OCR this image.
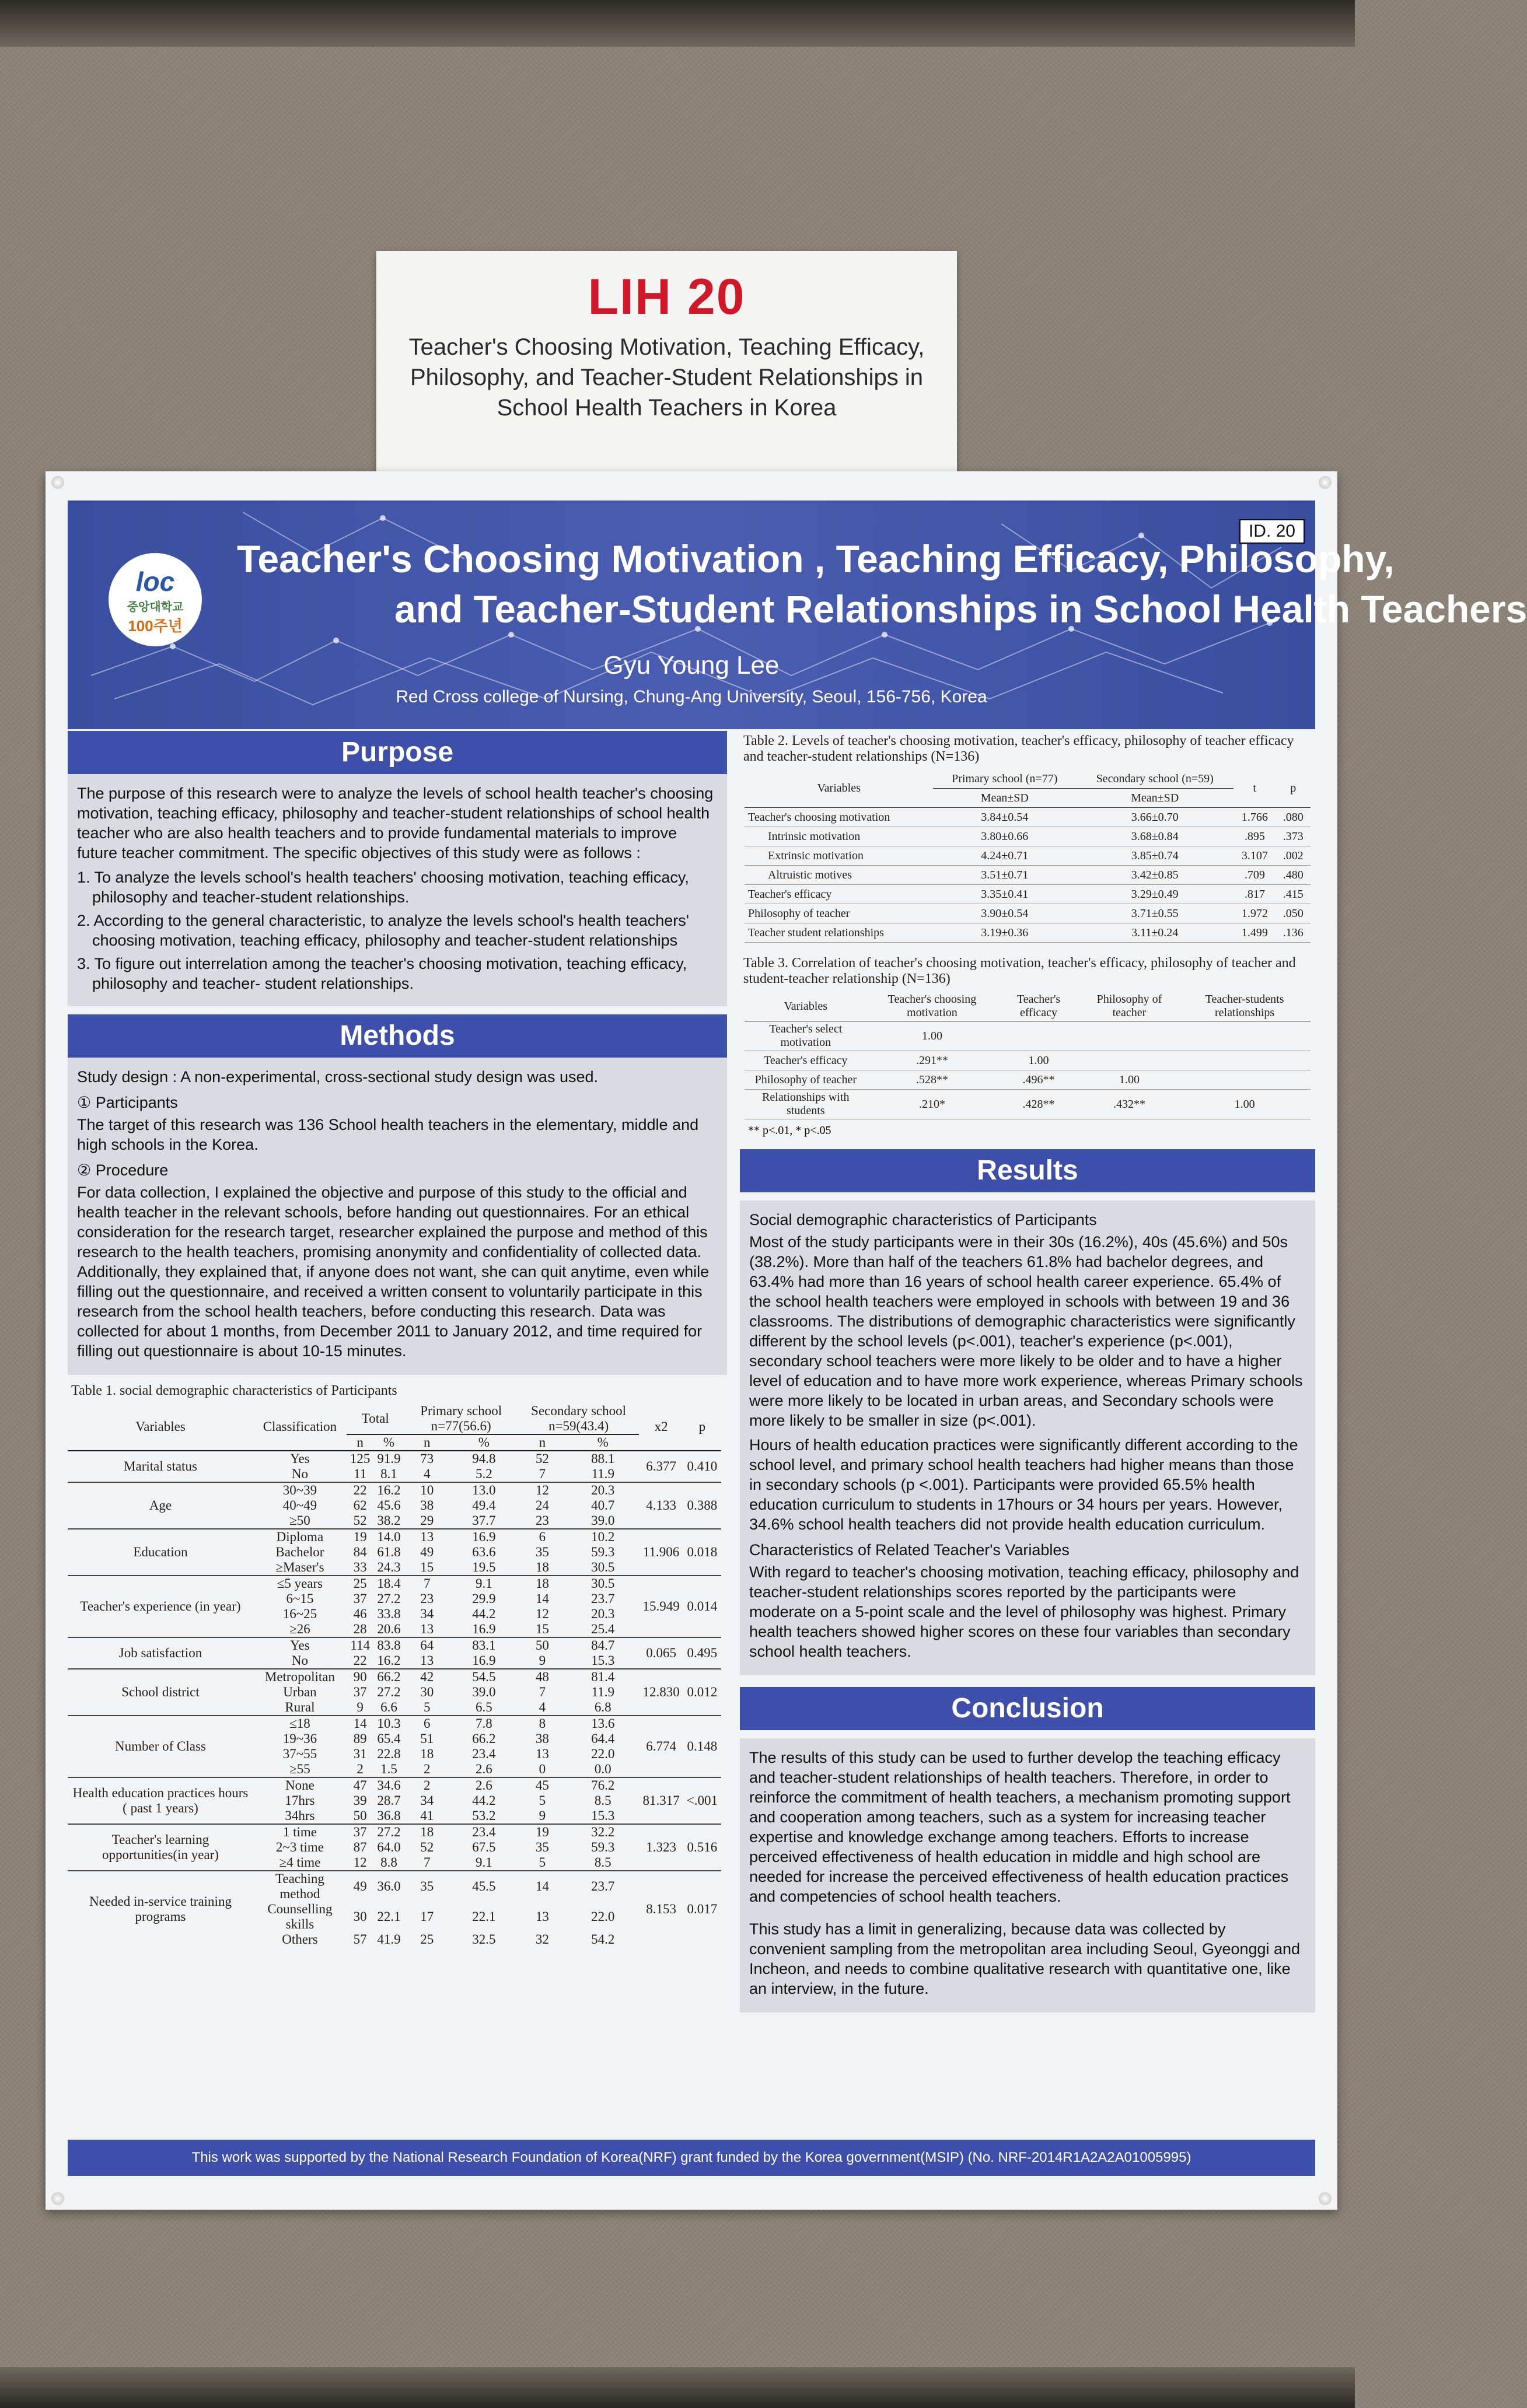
LIH 20
Teacher's Choosing Motivation, Teaching Efficacy, Philosophy, and Teacher-Student Relationships in School Health Teachers in Korea
loc
중앙대학교
100주년
ID. 20
Teacher's Choosing Motivation , Teaching Efficacy, Philosophy,
and Teacher-Student Relationships in School Health Teachers
Gyu Young Lee
Red Cross college of Nursing, Chung-Ang University, Seoul, 156-756, Korea
Purpose

The purpose of this research were to analyze the levels of school health teacher's choosing motivation, teaching efficacy, philosophy and teacher-student relationships of school health teacher who are also health teachers and to provide fundamental materials to improve future teacher commitment. The specific objectives of this study were as follows :

1. To analyze the levels school's health teachers' choosing motivation, teaching efficacy, philosophy and teacher-student relationships.
2. According to the general characteristic, to analyze the levels school's health teachers' choosing motivation, teaching efficacy, philosophy and teacher-student relationships
3. To figure out interrelation among the teacher's choosing motivation, teaching efficacy, philosophy and teacher- student relationships.
Methods

Study design : A non-experimental, cross-sectional study design was used.

① Participants

The target of this research was 136 School health teachers in the elementary, middle and high schools in the Korea.

② Procedure

For data collection, I explained the objective and purpose of this study to the official and health teacher in the relevant schools, before handing out questionnaires. For an ethical consideration for the research target, researcher explained the purpose and method of this research to the health teachers, promising anonymity and confidentiality of collected data. Additionally, they explained that, if anyone does not want, she can quit anytime, even while filling out the questionnaire, and received a written consent to voluntarily participate in this research from the school health teachers, before conducting this research. Data was collected for about 1 months, from December 2011 to January 2012, and time required for filling out questionnaire is about 10-15 minutes.

Table 1. social demographic characteristics of Participants
Variables	Classification	Total		Primary school n=77(56.6)		Secondary school n=59(43.4)		x2	p
		n	%	n	%	n	%		
Marital status	Yes	125	91.9	73	94.8	52	88.1	6.377	0.410
	No	11	8.1	4	5.2	7	11.9		
Age	30~39	22	16.2	10	13.0	12	20.3	4.133	0.388
	40~49	62	45.6	38	49.4	24	40.7		
	≥50	52	38.2	29	37.7	23	39.0		
Education	Diploma	19	14.0	13	16.9	6	10.2	11.906	0.018
	Bachelor	84	61.8	49	63.6	35	59.3		
	≥Maser's	33	24.3	15	19.5	18	30.5		
Teacher's experience (in year)	≤5 years	25	18.4	7	9.1	18	30.5	15.949	0.014
	6~15	37	27.2	23	29.9	14	23.7		
	16~25	46	33.8	34	44.2	12	20.3		
	≥26	28	20.6	13	16.9	15	25.4		
Job satisfaction	Yes	114	83.8	64	83.1	50	84.7	0.065	0.495
	No	22	16.2	13	16.9	9	15.3		
School district	Metropolitan	90	66.2	42	54.5	48	81.4	12.830	0.012
	Urban	37	27.2	30	39.0	7	11.9		
	Rural	9	6.6	5	6.5	4	6.8		
Number of Class	≤18	14	10.3	6	7.8	8	13.6	6.774	0.148
	19~36	89	65.4	51	66.2	38	64.4		
	37~55	31	22.8	18	23.4	13	22.0		
	≥55	2	1.5	2	2.6	0	0.0		
Health education practices hours ( past 1 years)	None	47	34.6	2	2.6	45	76.2	81.317	<.001
	17hrs	39	28.7	34	44.2	5	8.5		
	34hrs	50	36.8	41	53.2	9	15.3		
Teacher's learning opportunities(in year)	1 time	37	27.2	18	23.4	19	32.2	1.323	0.516
	2~3 time	87	64.0	52	67.5	35	59.3		
	≥4 time	12	8.8	7	9.1	5	8.5		
Needed in-service training programs	Teaching method	49	36.0	35	45.5	14	23.7	8.153	0.017
	Counselling skills	30	22.1	17	22.1	13	22.0		
	Others	57	41.9	25	32.5	32	54.2		
Table 2. Levels of teacher's choosing motivation, teacher's efficacy, philosophy of teacher efficacy and teacher-student relationships (N=136)
Variables	Primary school (n=77)	Secondary school (n=59)	t	p
	Mean±SD	Mean±SD		
Teacher's choosing motivation	3.84±0.54	3.66±0.70	1.766	.080
Intrinsic motivation	3.80±0.66	3.68±0.84	.895	.373
Extrinsic motivation	4.24±0.71	3.85±0.74	3.107	.002
Altruistic motives	3.51±0.71	3.42±0.85	.709	.480
Teacher's efficacy	3.35±0.41	3.29±0.49	.817	.415
Philosophy of teacher	3.90±0.54	3.71±0.55	1.972	.050
Teacher student relationships	3.19±0.36	3.11±0.24	1.499	.136
Table 3. Correlation of teacher's choosing motivation, teacher's efficacy, philosophy of teacher and student-teacher relationship (N=136)
Variables	Teacher's choosing motivation	Teacher's efficacy	Philosophy of teacher	Teacher-students relationships
Teacher's select motivation	1.00			
Teacher's efficacy	.291**	1.00		
Philosophy of teacher	.528**	.496**	1.00	
Relationships with students	.210*	.428**	.432**	1.00
** p<.01, * p<.05
Results
Social demographic characteristics of Participants

Most of the study participants were in their 30s (16.2%), 40s (45.6%) and 50s (38.2%). More than half of the teachers 61.8% had bachelor degrees, and 63.4% had more than 16 years of school health career experience. 65.4% of the school health teachers were employed in schools with between 19 and 36 classrooms. The distributions of demographic characteristics were significantly different by the school levels (p<.001), teacher's experience (p<.001), secondary school teachers were more likely to be older and to have a higher level of education and to have more work experience, whereas Primary schools were more likely to be located in urban areas, and Secondary schools were more likely to be smaller in size (p<.001).

Hours of health education practices were significantly different according to the school level, and primary school health teachers had higher means than those in secondary schools (p <.001). Participants were provided 65.5% health education curriculum to students in 17hours or 34 hours per years. However, 34.6% school health teachers did not provide health education curriculum.

Characteristics of Related Teacher's Variables

With regard to teacher's choosing motivation, teaching efficacy, philosophy and teacher-student relationships scores reported by the participants were moderate on a 5-point scale and the level of philosophy was highest. Primary health teachers showed higher scores on these four variables than secondary school health teachers.

Conclusion

The results of this study can be used to further develop the teaching efficacy and teacher-student relationships of health teachers. Therefore, in order to reinforce the commitment of health teachers, a mechanism promoting support and cooperation among teachers, such as a system for increasing teacher expertise and knowledge exchange among teachers. Efforts to increase perceived effectiveness of health education in middle and high school are needed for increase the perceived effectiveness of health education practices and competencies of school health teachers.

This study has a limit in generalizing, because data was collected by convenient sampling from the metropolitan area including Seoul, Gyeonggi and Incheon, and needs to combine qualitative research with quantitative one, like an interview, in the future.

This work was supported by the National Research Foundation of Korea(NRF) grant funded by the Korea government(MSIP) (No. NRF-2014R1A2A2A01005995)
